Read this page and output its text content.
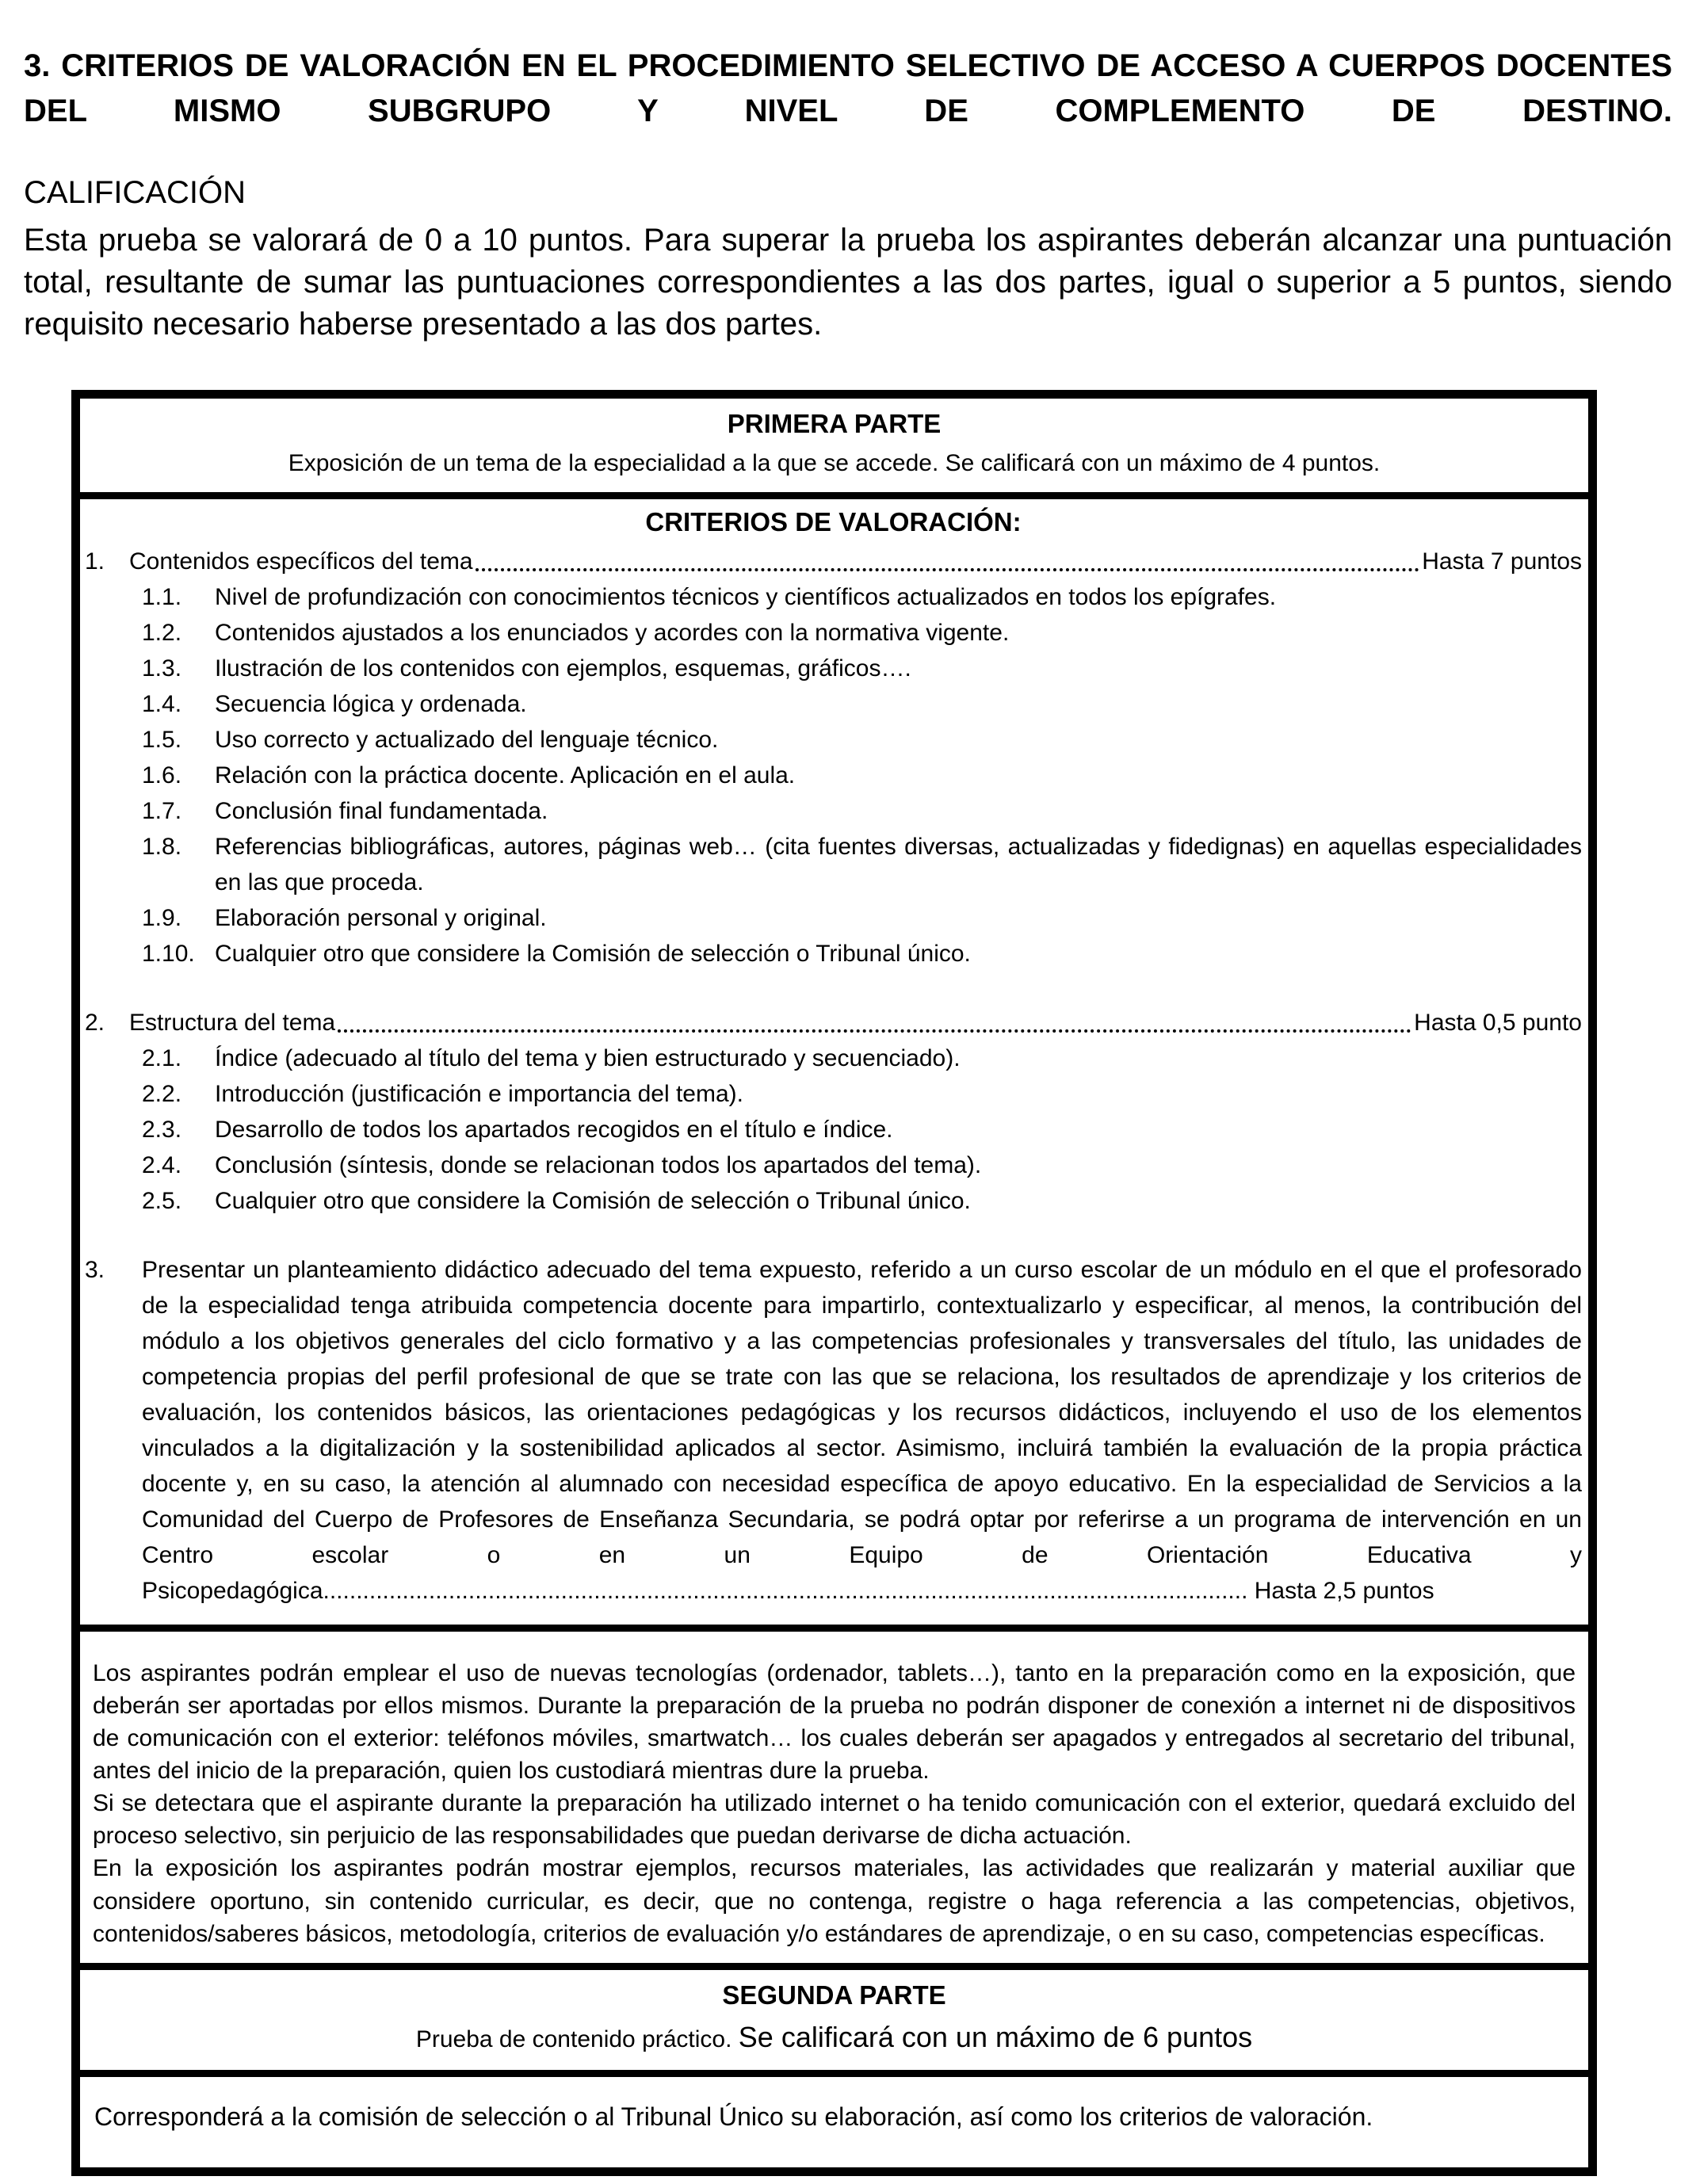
3. CRITERIOS DE VALORACIÓN EN EL PROCEDIMIENTO SELECTIVO DE ACCESO A CUERPOS DOCENTES DEL MISMO SUBGRUPO Y NIVEL DE COMPLEMENTO DE DESTINO.
CALIFICACIÓN

Esta prueba se valorará de 0 a 10 puntos. Para superar la prueba los aspirantes deberán alcanzar una puntuación total, resultante de sumar las puntuaciones correspondientes a las dos partes, igual o superior a 5 puntos, siendo requisito necesario haberse presentado a las dos partes.

PRIMERA PARTE
Exposición de un tema de la especialidad a la que se accede. Se calificará con un máximo de 4 puntos.
CRITERIOS DE VALORACIÓN:
1.	Contenidos específicos del tema	Hasta 7 puntos
1.1.	Nivel de profundización con conocimientos técnicos y científicos actualizados en todos los epígrafes.
1.2.	Contenidos ajustados a los enunciados y acordes con la normativa vigente.
1.3.	Ilustración de los contenidos con ejemplos, esquemas, gráficos….
1.4.	Secuencia lógica y ordenada.
1.5.	Uso correcto y actualizado del lenguaje técnico.
1.6.	Relación con la práctica docente. Aplicación en el aula.
1.7.	Conclusión final fundamentada.
1.8.	Referencias bibliográficas, autores, páginas web… (cita fuentes diversas, actualizadas y fidedignas) en aquellas especialidades en las que proceda.
1.9.	Elaboración personal y original.
1.10. Cualquier otro que considere la Comisión de selección o Tribunal único.
2.	Estructura del tema	Hasta 0,5 punto
2.1.	Índice (adecuado al título del tema y bien estructurado y secuenciado).
2.2.	Introducción (justificación e importancia del tema).
2.3.	Desarrollo de todos los apartados recogidos en el título e índice.
2.4.	Conclusión (síntesis, donde se relacionan todos los apartados del tema).
2.5.	Cualquier otro que considere la Comisión de selección o Tribunal único.
3.	Presentar un planteamiento didáctico adecuado del tema expuesto, referido a un curso escolar de un módulo en el que el profesorado de la especialidad tenga atribuida competencia docente para impartirlo, contextualizarlo y especificar, al menos, la contribución del módulo a los objetivos generales del ciclo formativo y a las competencias profesionales y transversales del título, las unidades de competencia propias del perfil profesional de que se trate con las que se relaciona, los resultados de aprendizaje y los criterios de evaluación, los contenidos básicos, las orientaciones pedagógicas y los recursos didácticos, incluyendo el uso de los elementos vinculados a la digitalización y la sostenibilidad aplicados al sector. Asimismo, incluirá también la evaluación de la propia práctica docente y, en su caso, la atención al alumnado con necesidad específica de apoyo educativo. En la especialidad de Servicios a la Comunidad del Cuerpo de Profesores de Enseñanza Secundaria, se podrá optar por referirse a un programa de intervención en un Centro escolar o en un Equipo de Orientación Educativa y Psicopedagógica............................................................................................................................................ Hasta 2,5 puntos

Los aspirantes podrán emplear el uso de nuevas tecnologías (ordenador, tablets…), tanto en la preparación como en la exposición, que deberán ser aportadas por ellos mismos. Durante la preparación de la prueba no podrán disponer de conexión a internet ni de dispositivos de comunicación con el exterior: teléfonos móviles, smartwatch… los cuales deberán ser apagados y entregados al secretario del tribunal, antes del inicio de la preparación, quien los custodiará mientras dure la prueba.

Si se detectara que el aspirante durante la preparación ha utilizado internet o ha tenido comunicación con el exterior, quedará excluido del proceso selectivo, sin perjuicio de las responsabilidades que puedan derivarse de dicha actuación.

En la exposición los aspirantes podrán mostrar ejemplos, recursos materiales, las actividades que realizarán y material auxiliar que considere oportuno, sin contenido curricular, es decir, que no contenga, registre o haga referencia a las competencias, objetivos, contenidos/saberes básicos, metodología, criterios de evaluación y/o estándares de aprendizaje, o en su caso, competencias específicas.

SEGUNDA PARTE
Prueba de contenido práctico. Se calificará con un máximo de 6 puntos

Corresponderá a la comisión de selección o al Tribunal Único su elaboración, así como los criterios de valoración.
